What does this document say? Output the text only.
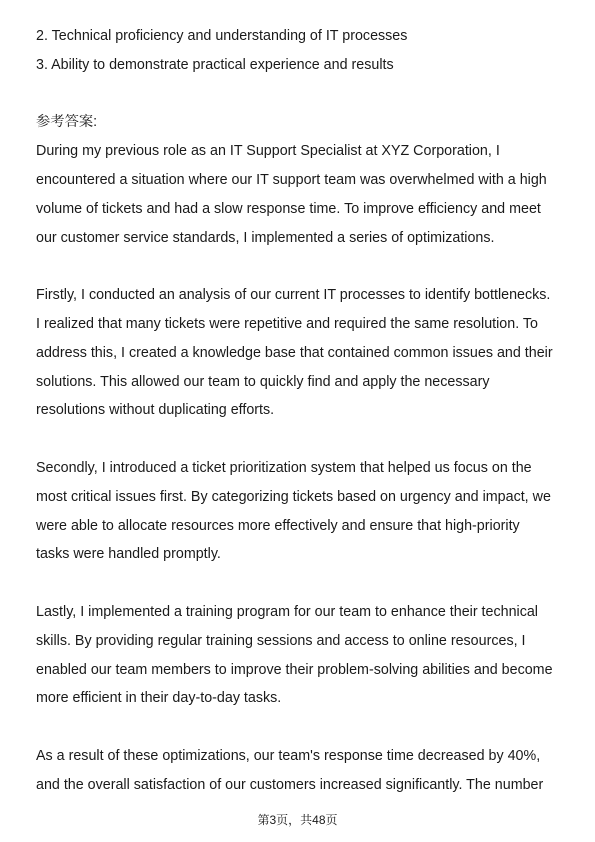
2. Technical proficiency and understanding of IT processes
3. Ability to demonstrate practical experience and results
参考答案:
During my previous role as an IT Support Specialist at XYZ Corporation, I
encountered a situation where our IT support team was overwhelmed with a high
volume of tickets and had a slow response time. To improve efficiency and meet
our customer service standards, I implemented a series of optimizations.
Firstly, I conducted an analysis of our current IT processes to identify bottlenecks.
I realized that many tickets were repetitive and required the same resolution. To
address this, I created a knowledge base that contained common issues and their
solutions. This allowed our team to quickly find and apply the necessary
resolutions without duplicating efforts.
Secondly, I introduced a ticket prioritization system that helped us focus on the
most critical issues first. By categorizing tickets based on urgency and impact, we
were able to allocate resources more effectively and ensure that high-priority
tasks were handled promptly.
Lastly, I implemented a training program for our team to enhance their technical
skills. By providing regular training sessions and access to online resources, I
enabled our team members to improve their problem-solving abilities and become
more efficient in their day-to-day tasks.
As a result of these optimizations, our team's response time decreased by 40%,
and the overall satisfaction of our customers increased significantly. The number
第3页，共48页
